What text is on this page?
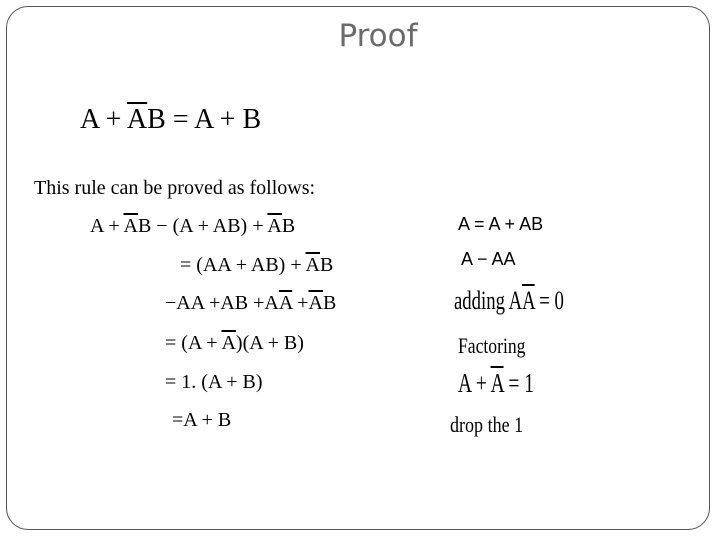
Proof
$A + \overline{A}B = A + B$
This rule can be proved as follows:
$A + \overline{A}B - (A + AB) + \overline{A}B$
= $(AA + AB) + \overline{A}B$
$-AA +AB +A\overline{A} +\overline{A}B$
= $(A + \overline{A})(A + B)$
= 1. (A + B)
=A + B
A = A + AB
A − AA
adding $A\overline{A} = 0$
Factoring
$A + \overline{A} = 1$
drop the 1
